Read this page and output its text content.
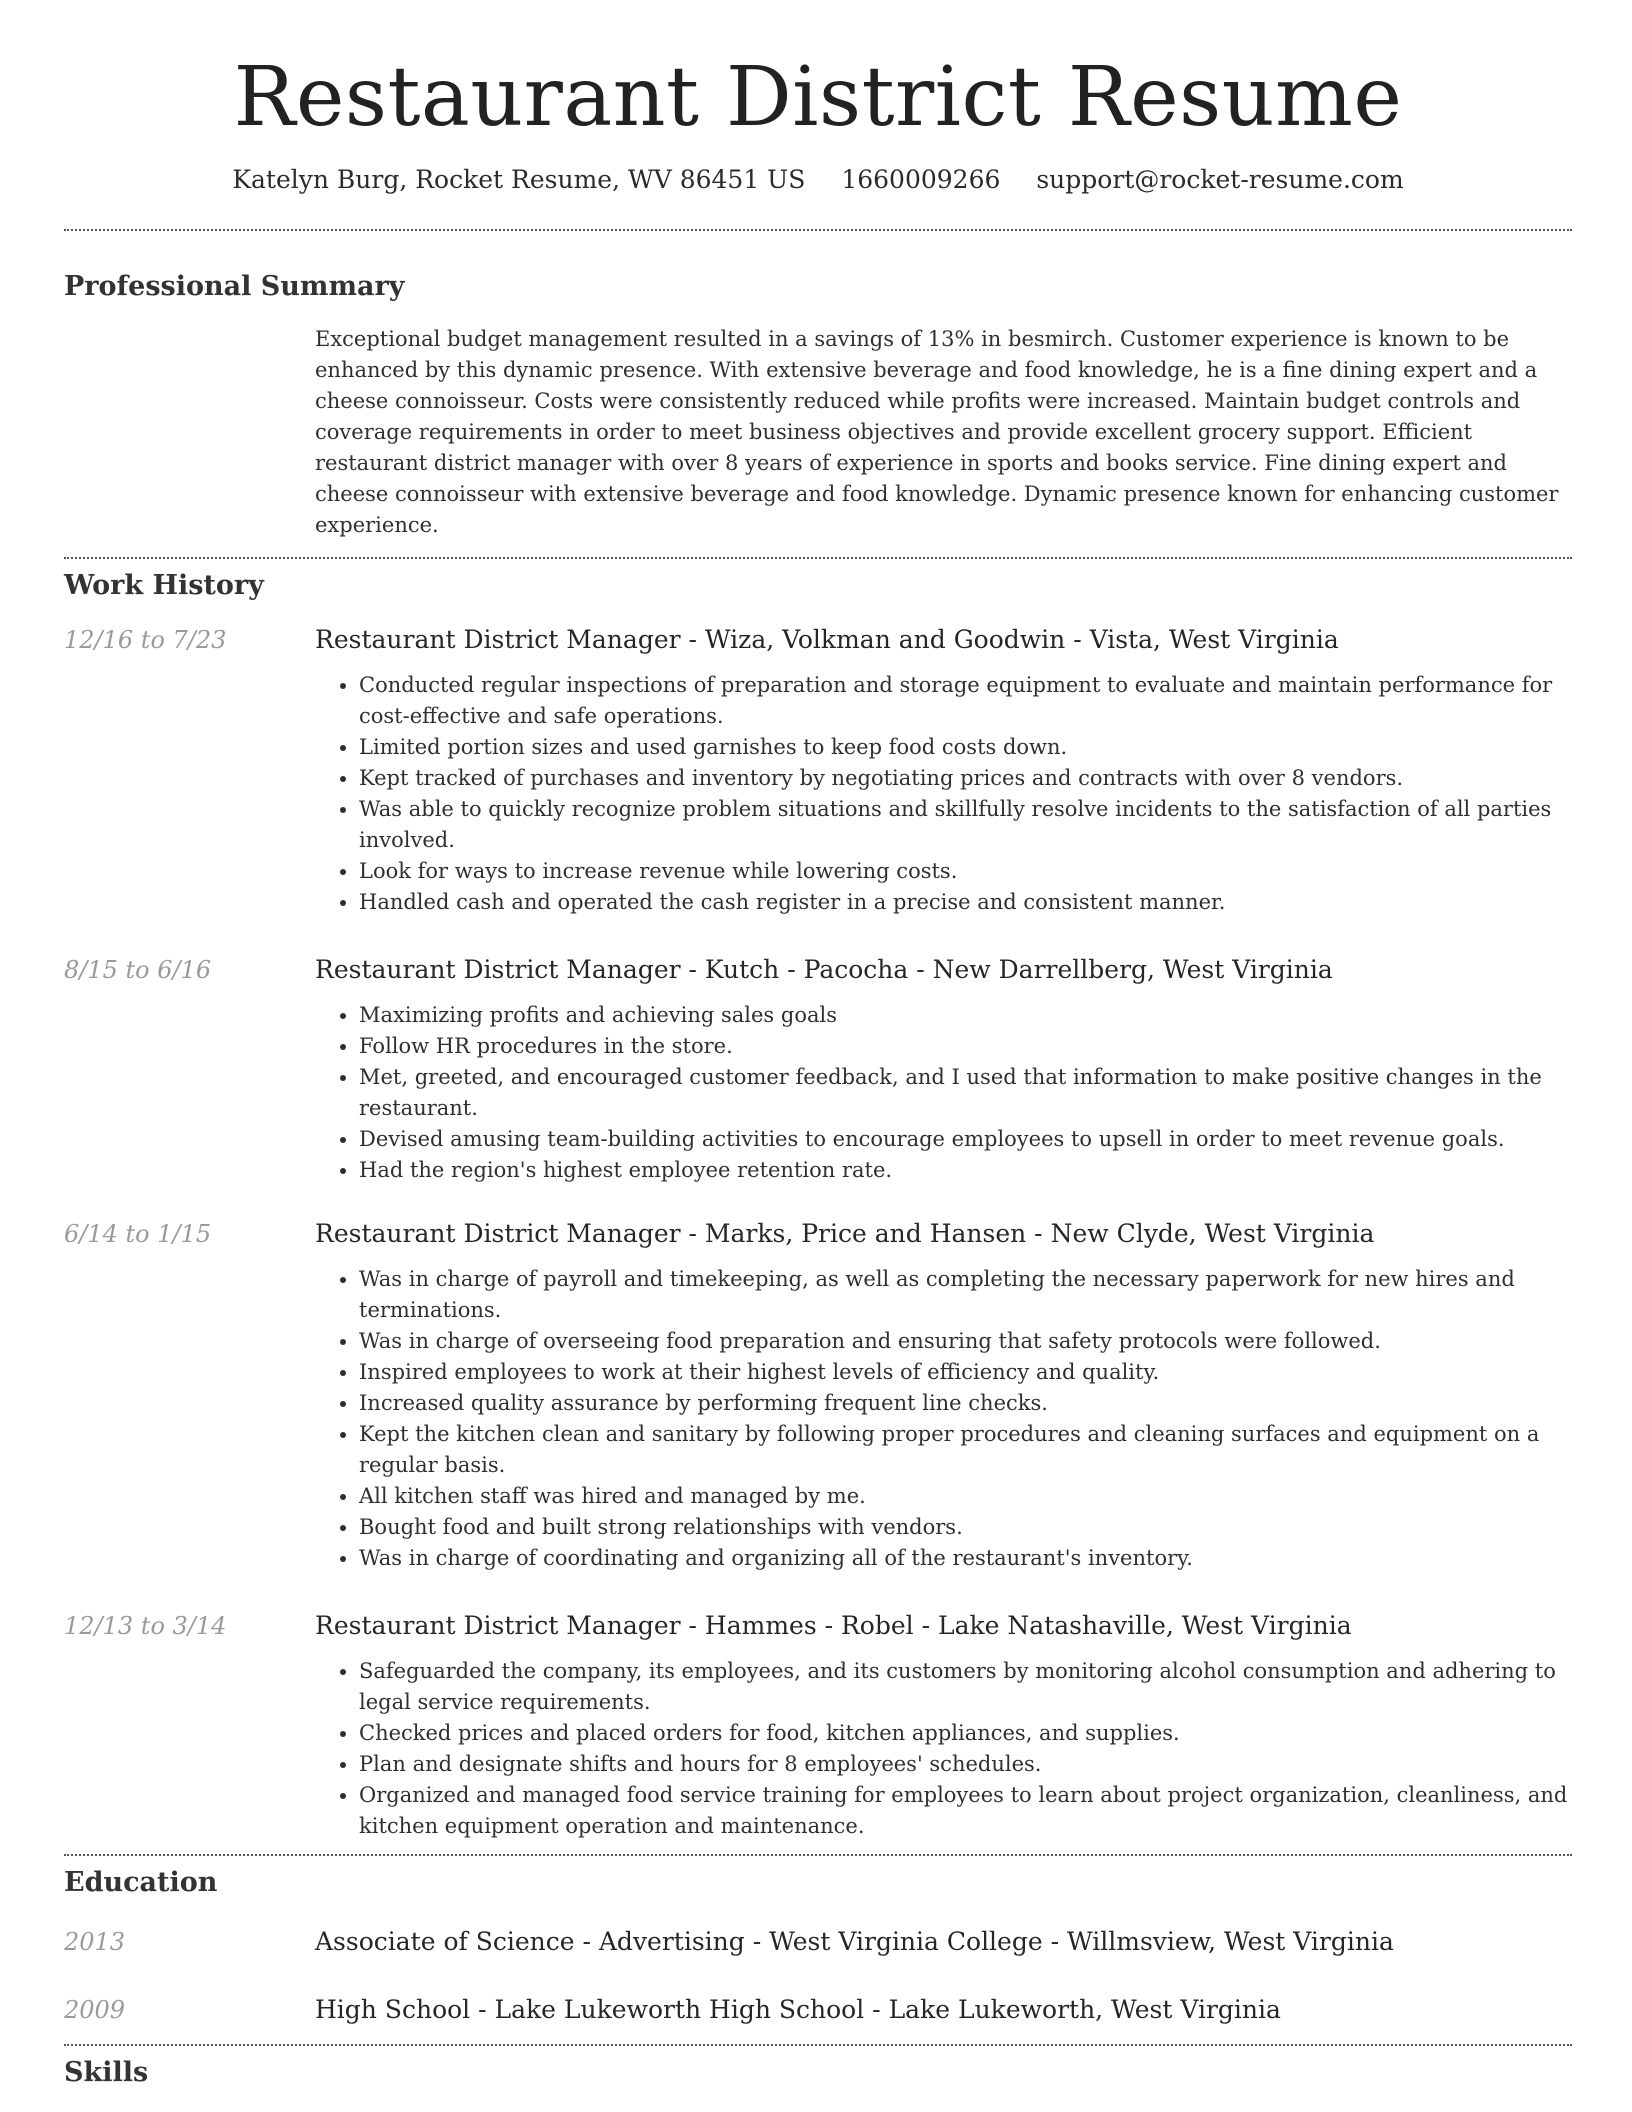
Restaurant District Resume
Katelyn Burg, Rocket Resume, WV 86451 US 1660009266 support@rocket-resume.com
Professional Summary

Exceptional budget management resulted in a savings of 13% in besmirch. Customer experience is known to be enhanced by this dynamic presence. With extensive beverage and food knowledge, he is a fine dining expert and a cheese connoisseur. Costs were consistently reduced while profits were increased. Maintain budget controls and coverage requirements in order to meet business objectives and provide excellent grocery support. Efficient restaurant district manager with over 8 years of experience in sports and books service. Fine dining expert and cheese connoisseur with extensive beverage and food knowledge. Dynamic presence known for enhancing customer experience.

Work History
12/16 to 7/23	Restaurant District Manager - Wiza, Volkman and Goodwin - Vista, West Virginia
• Conducted regular inspections of preparation and storage equipment to evaluate and maintain performance for cost-effective and safe operations.
• Limited portion sizes and used garnishes to keep food costs down.
• Kept tracked of purchases and inventory by negotiating prices and contracts with over 8 vendors.
• Was able to quickly recognize problem situations and skillfully resolve incidents to the satisfaction of all parties involved.
• Look for ways to increase revenue while lowering costs.
• Handled cash and operated the cash register in a precise and consistent manner.
8/15 to 6/16	Restaurant District Manager - Kutch - Pacocha - New Darrellberg, West Virginia
• Maximizing profits and achieving sales goals
• Follow HR procedures in the store.
• Met, greeted, and encouraged customer feedback, and I used that information to make positive changes in the restaurant.
• Devised amusing team-building activities to encourage employees to upsell in order to meet revenue goals.
• Had the region's highest employee retention rate.
6/14 to 1/15	Restaurant District Manager - Marks, Price and Hansen - New Clyde, West Virginia
• Was in charge of payroll and timekeeping, as well as completing the necessary paperwork for new hires and terminations.
• Was in charge of overseeing food preparation and ensuring that safety protocols were followed.
• Inspired employees to work at their highest levels of efficiency and quality.
• Increased quality assurance by performing frequent line checks.
• Kept the kitchen clean and sanitary by following proper procedures and cleaning surfaces and equipment on a regular basis.
• All kitchen staff was hired and managed by me.
• Bought food and built strong relationships with vendors.
• Was in charge of coordinating and organizing all of the restaurant's inventory.
12/13 to 3/14	Restaurant District Manager - Hammes - Robel - Lake Natashaville, West Virginia
• Safeguarded the company, its employees, and its customers by monitoring alcohol consumption and adhering to legal service requirements.
• Checked prices and placed orders for food, kitchen appliances, and supplies.
• Plan and designate shifts and hours for 8 employees' schedules.
• Organized and managed food service training for employees to learn about project organization, cleanliness, and kitchen equipment operation and maintenance.
Education
2013	Associate of Science - Advertising - West Virginia College - Willmsview, West Virginia
2009	High School - Lake Lukeworth High School - Lake Lukeworth, West Virginia
Skills
